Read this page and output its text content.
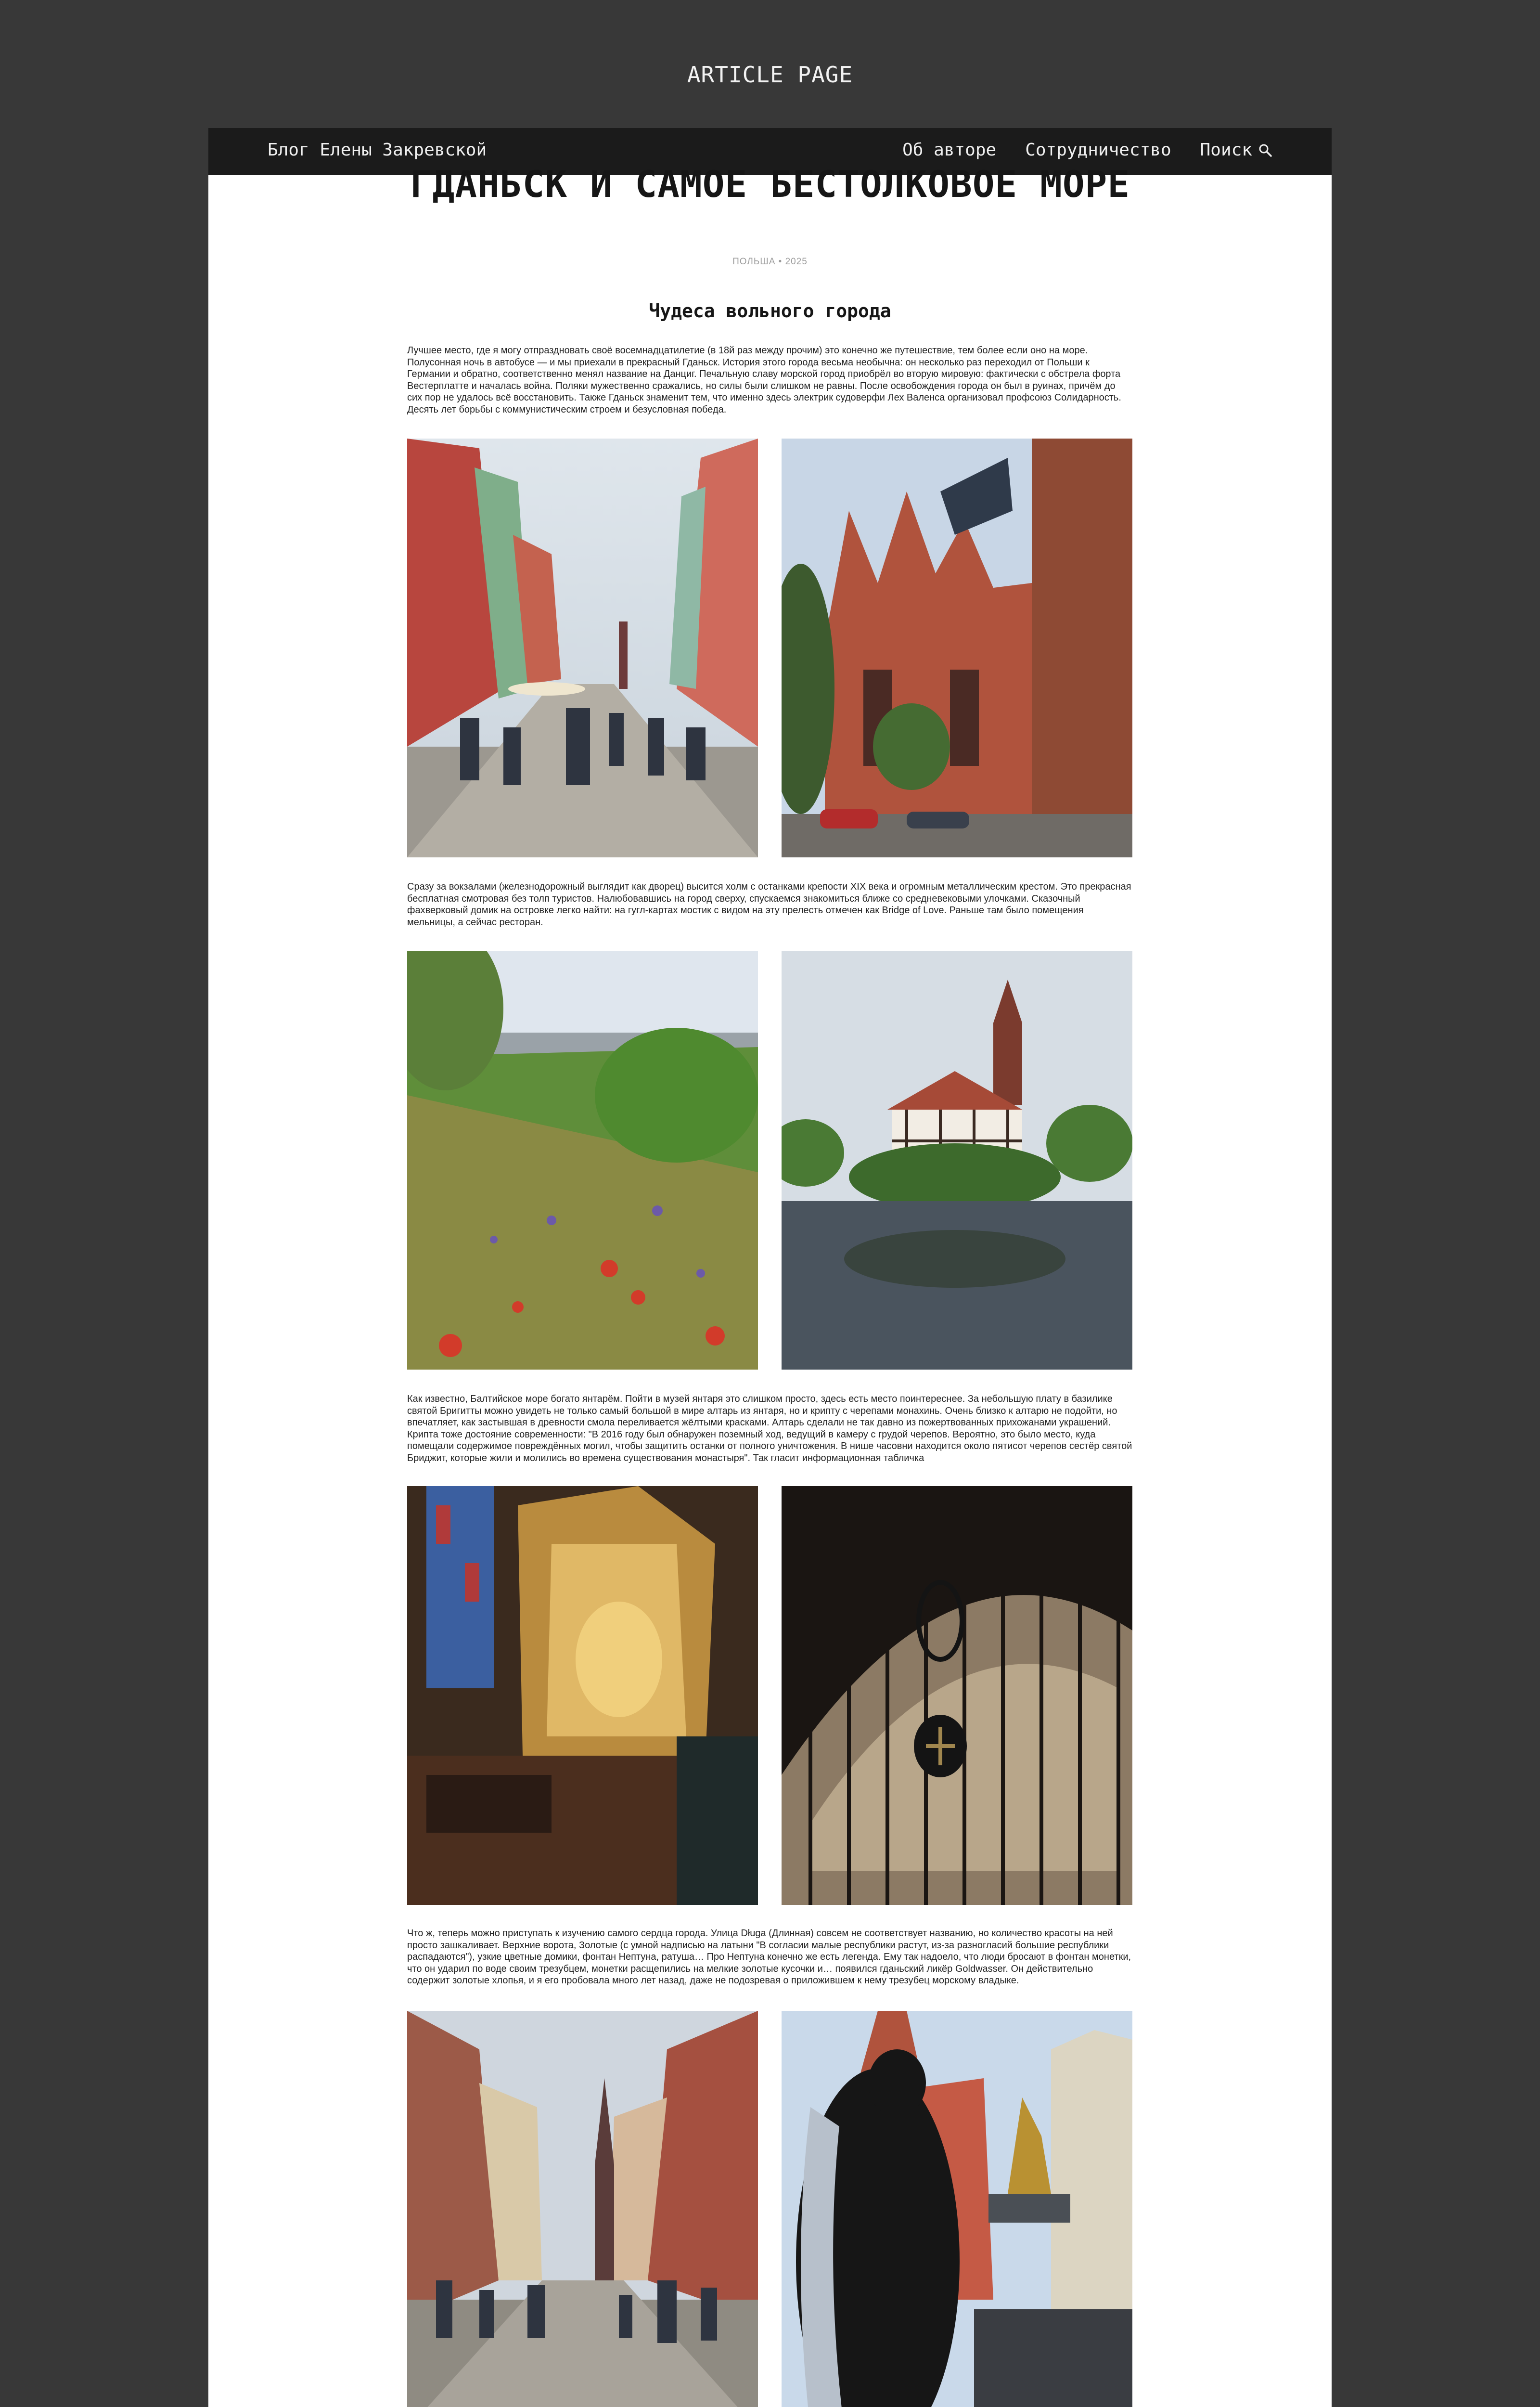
ARTICLE PAGE
Блог Елены Закревской	Об авторе Сотрудничество Поиск
ГДАНЬСК И САМОЕ БЕСТОЛКОВОЕ МОРЕ
ПОЛЬША • 2025
Чудеса вольного города

Лучшее место, где я могу отпраздновать своё восемнадцатилетие (в 18й раз между прочим) это конечно же путешествие, тем более если оно на море. Полусонная ночь в автобусе — и мы приехали в прекрасный Гданьск. История этого города весьма необычна: он несколько раз переходил от Польши к Германии и обратно, соответственно менял название на Данциг. Печальную славу морской город приобрёл во вторую мировую: фактически с обстрела форта Вестерплатте и началась война. Поляки мужественно сражались, но силы были слишком не равны. После освобождения города он был в руинах, причём до сих пор не удалось всё восстановить. Также Гданьск знаменит тем, что именно здесь электрик судоверфи Лех Валенса организовал профсоюз Солидарность. Десять лет борьбы с коммунистическим строем и безусловная победа.

Сразу за вокзалами (железнодорожный выглядит как дворец) высится холм с останками крепости XIX века и огромным металлическим крестом. Это прекрасная бесплатная смотровая без толп туристов. Налюбовавшись на город сверху, спускаемся знакомиться ближе со средневековыми улочками. Сказочный фахверковый домик на островке легко найти: на гугл-картах мостик с видом на эту прелесть отмечен как Bridge of Love. Раньше там было помещения мельницы, а сейчас ресторан.

Как известно, Балтийское море богато янтарём. Пойти в музей янтаря это слишком просто, здесь есть место поинтереснее. За небольшую плату в базилике святой Бригитты можно увидеть не только самый большой в мире алтарь из янтаря, но и крипту с черепами монахинь. Очень близко к алтарю не подойти, но впечатляет, как застывшая в древности смола переливается жёлтыми красками. Алтарь сделали не так давно из пожертвованных прихожанами украшений. Крипта тоже достояние современности: "В 2016 году был обнаружен поземный ход, ведущий в камеру с грудой черепов. Вероятно, это было место, куда помещали содержимое повреждённых могил, чтобы защитить останки от полного уничтожения. В нише часовни находится около пятисот черепов сестёр святой Бриджит, которые жили и молились во времена существования монастыря". Так гласит информационная табличка

Что ж, теперь можно приступать к изучению самого сердца города. Улица Długa (Длинная) совсем не соответствует названию, но количество красоты на ней просто зашкаливает. Верхние ворота, Золотые (с умной надписью на латыни "В согласии малые республики растут, из-за разногласий большие республики распадаются"), узкие цветные домики, фонтан Нептуна, ратуша… Про Нептуна конечно же есть легенда. Ему так надоело, что люди бросают в фонтан монетки, что он ударил по воде своим трезубцем, монетки расщепились на мелкие золотые кусочки и… появился гданьский ликёр Goldwasser. Он действительно содержит золотые хлопья, и я его пробовала много лет назад, даже не подозревая о приложившем к нему трезубец морскому владыке.
